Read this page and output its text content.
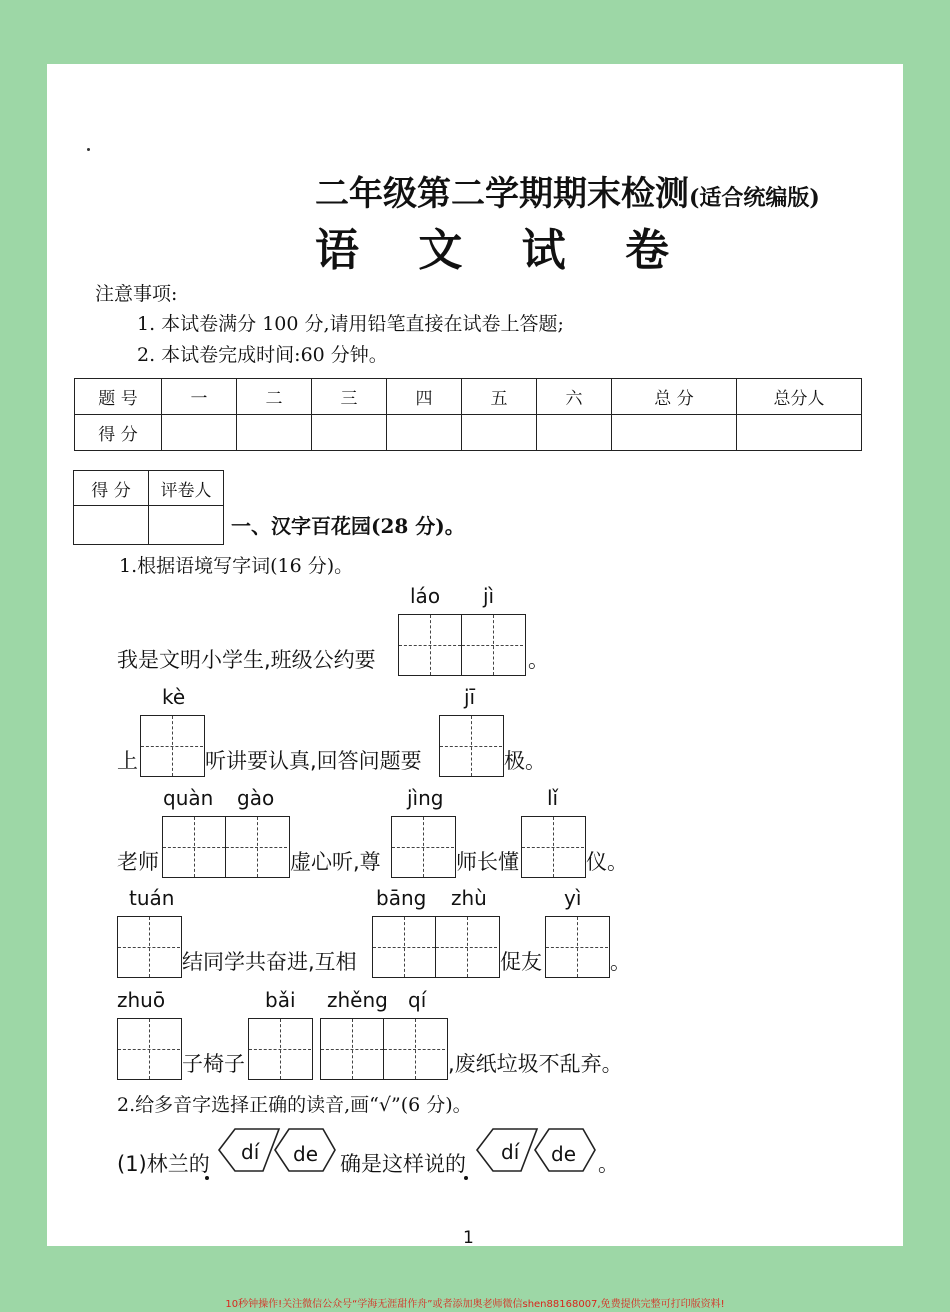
二年级第二学期期末检测(适合统编版)
语 文 试 卷
注意事项:
1. 本试卷满分 100 分,请用铅笔直接在试卷上答题;
2. 本试卷完成时间:60 分钟。
题 号	一	二	三	四	五	六	总 分	总分人
得 分								
得 分	评卷人

一、汉字百花园(28 分)。
1.根据语境写字词(16 分)。
láo jì
我是文明小学生,班级公约要	。
kè	jī
上	听讲要认真,回答问题要	极。
quàn gào	jìng	lǐ
老师	虚心听,尊	师长懂	仪。
tuán	bāng zhù	yì
结同学共奋进,互相	促友	。
zhuō	bǎi zhěng qí
子椅子	,废纸垃圾不乱弃。
2.给多音字选择正确的读音,画“√”(6 分)。
(1)林兰的 dí de 确是这样说的 dí de 。
1
10秒钟操作!关注微信公众号“学海无涯甜作舟”或者添加奥老师微信shen88168007,免费提供完整可打印版资料!
